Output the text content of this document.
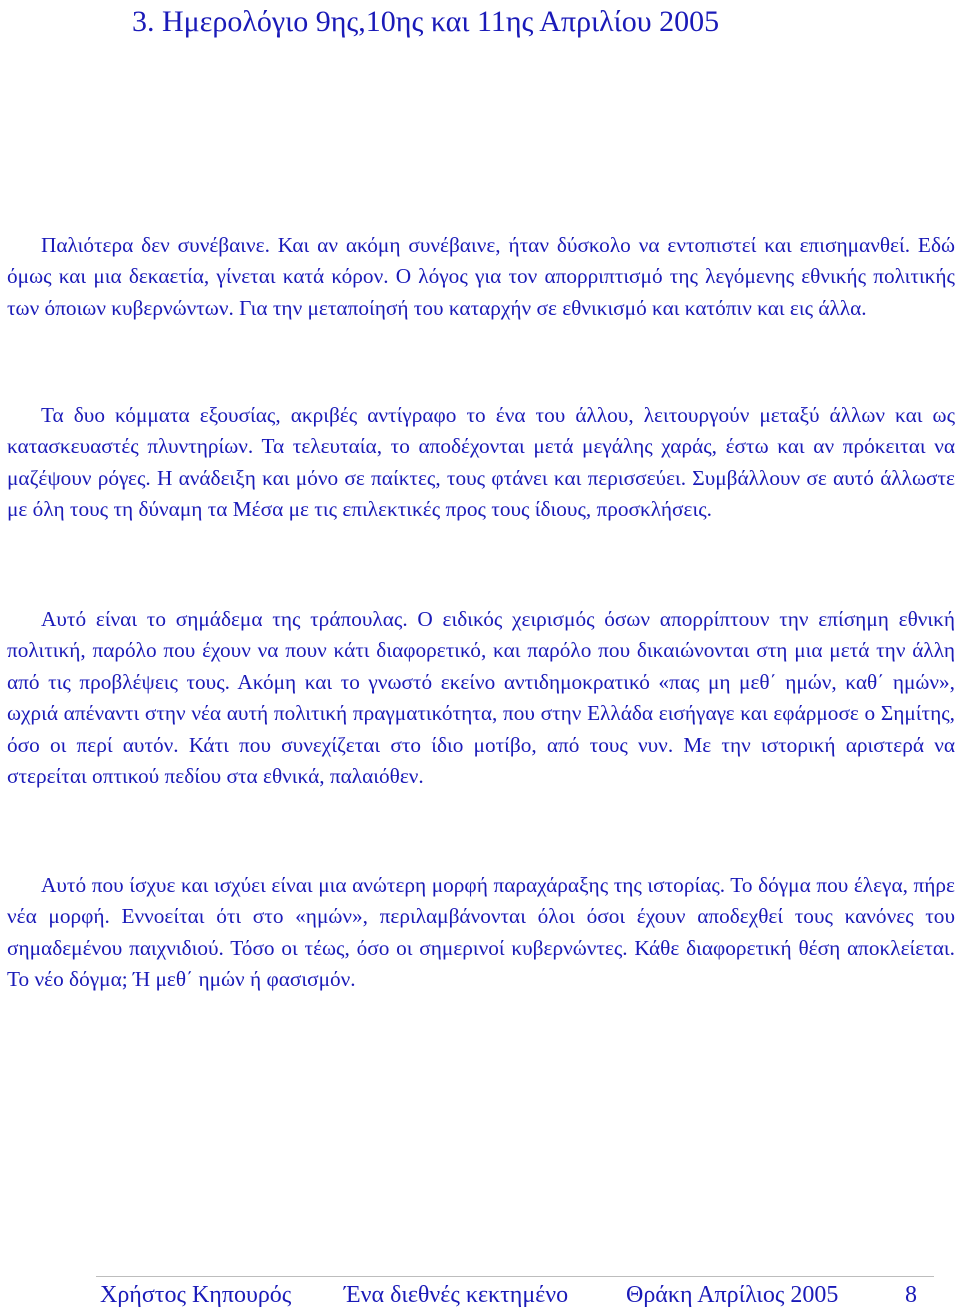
3. Ημερολόγιο 9ης,10ης και 11ης Απριλίου 2005

Παλιότερα δεν συνέβαινε. Και αν ακόμη συνέβαινε, ήταν δύσκολο να εντοπιστεί και επισημανθεί. Εδώ όμως και μια δεκαετία, γίνεται κατά κόρον. Ο λόγος για τον απορριπτισμό της λεγόμενης εθνικής πολιτικής των όποιων κυβερνώντων. Για την μεταποίησή του καταρχήν σε εθνικισμό και κατόπιν και εις άλλα.

Τα δυο κόμματα εξουσίας, ακριβές αντίγραφο το ένα του άλλου, λειτουργούν μεταξύ άλλων και ως κατασκευαστές πλυντηρίων. Τα τελευταία, το αποδέχονται μετά μεγάλης χαράς, έστω και αν πρόκειται να μαζέψουν ρόγες. Η ανάδειξη και μόνο σε παίκτες, τους φτάνει και περισσεύει. Συμβάλλουν σε αυτό άλλωστε με όλη τους τη δύναμη τα Μέσα με τις επιλεκτικές προς τους ίδιους, προσκλήσεις.

Αυτό είναι το σημάδεμα της τράπουλας. Ο ειδικός χειρισμός όσων απορρίπτουν την επίσημη εθνική πολιτική, παρόλο που έχουν να πουν κάτι διαφορετικό, και παρόλο που δικαιώνονται στη μια μετά την άλλη από τις προβλέψεις τους. Ακόμη και το γνωστό εκείνο αντιδημοκρατικό «πας μη μεθ΄ ημών, καθ΄ ημών», ωχριά απέναντι στην νέα αυτή πολιτική πραγματικότητα, που στην Ελλάδα εισήγαγε και εφάρμοσε ο Σημίτης, όσο οι περί αυτόν. Κάτι που συνεχίζεται στο ίδιο μοτίβο, από τους νυν. Με την ιστορική αριστερά να στερείται οπτικού πεδίου στα εθνικά, παλαιόθεν.

Αυτό που ίσχυε και ισχύει είναι μια ανώτερη μορφή παραχάραξης της ιστορίας. Το δόγμα που έλεγα, πήρε νέα μορφή. Εννοείται ότι στο «ημών», περιλαμβάνονται όλοι όσοι έχουν αποδεχθεί τους κανόνες του σημαδεμένου παιχνιδιού. Τόσο οι τέως, όσο οι σημερινοί κυβερνώντες. Κάθε διαφορετική θέση αποκλείεται. Το νέο δόγμα; Ή μεθ΄ ημών ή φασισμόν.

Χρήστος Κηπουρός Ένα διεθνές κεκτημένο Θράκη Απρίλιος 2005	8
